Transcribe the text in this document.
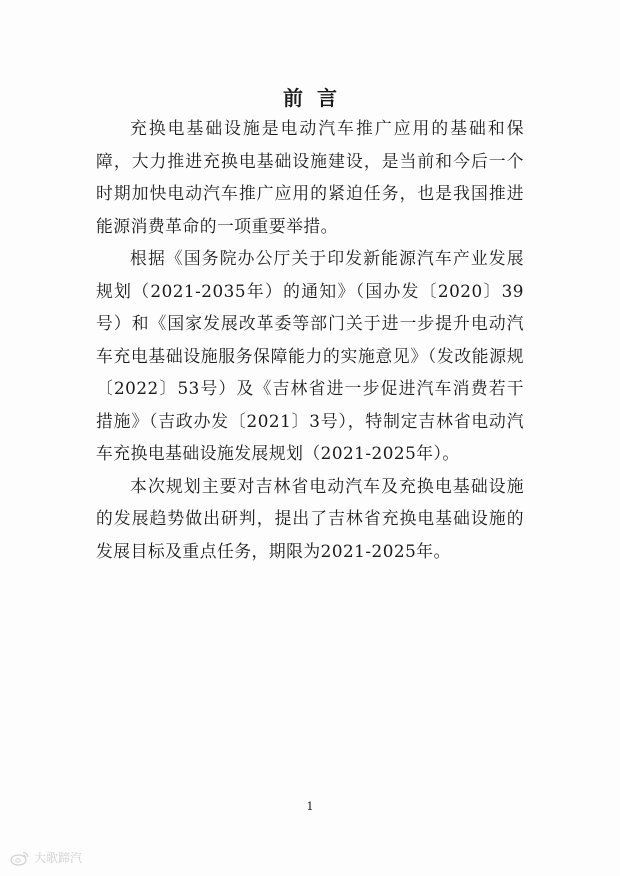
前言

充换电基础设施是电动汽车推广应用的基础和保障，大力推进充换电基础设施建设，是当前和今后一个时期加快电动汽车推广应用的紧迫任务，也是我国推进能源消费革命的一项重要举措。

根据《国务院办公厅关于印发新能源汽车产业发展规划（2021-2035年）的通知》（国办发〔2020〕39号）和《国家发展改革委等部门关于进一步提升电动汽车充电基础设施服务保障能力的实施意见》（发改能源规〔2022〕53号）及《吉林省进一步促进汽车消费若干措施》（吉政办发〔2021〕3号），特制定吉林省电动汽车充换电基础设施发展规划（2021-2025年）。

本次规划主要对吉林省电动汽车及充换电基础设施的发展趋势做出研判，提出了吉林省充换电基础设施的发展目标及重点任务，期限为2021-2025年。

1
大歌蹄汽
